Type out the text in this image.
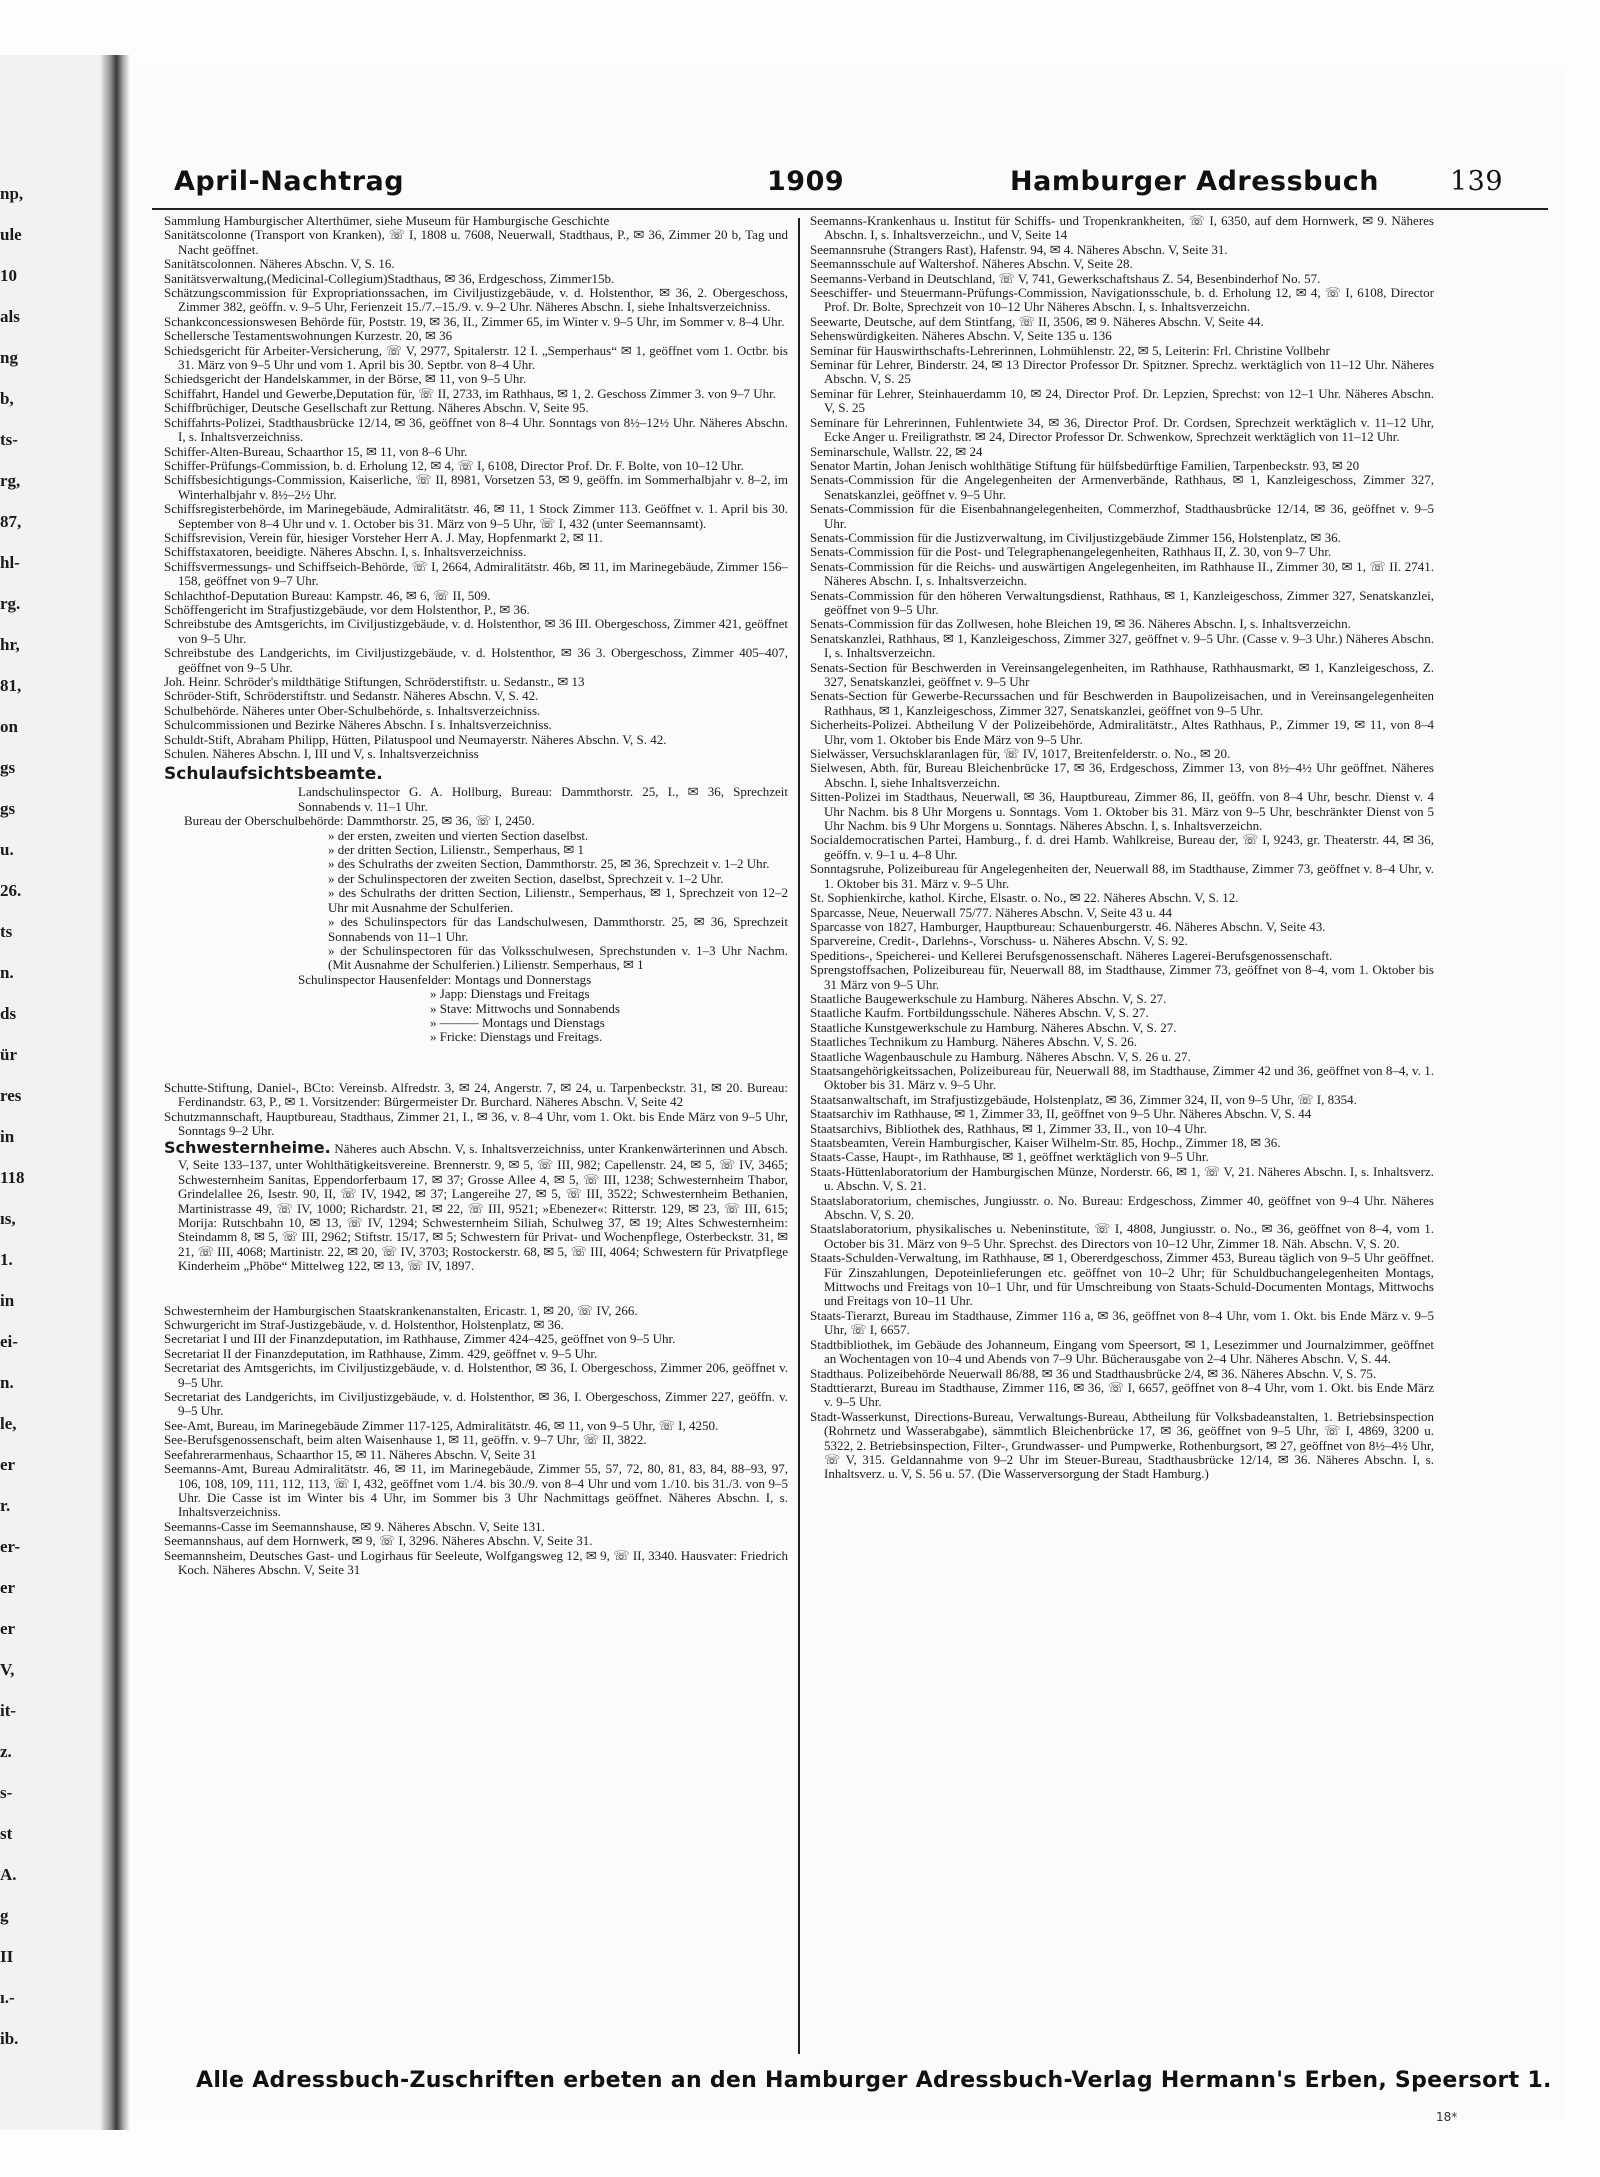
np,
ule
10
als
ng
b,
ts-
rg,
87,
hl-
rg.
hr,
81,
on
gs
gs
u.
26.
ts
n.
ds
ür
res
in
118
ıs,
1.
in
ei-
n.
le,
er
r.
er-
er
er
V,
it-
z.
s-
st
A.
g
II
ı.-
ib.
April-Nachtrag	1909	Hamburger Adressbuch	139

Sammlung Hamburgischer Alterthümer, siehe Museum für Hamburgische Geschichte

Sanitätscolonne (Transport von Kranken), ☏ I, 1808 u. 7608, Neuerwall, Stadthaus, P., ✉ 36, Zimmer 20 b, Tag und Nacht geöffnet.

Sanitätscolonnen. Näheres Abschn. V, S. 16.

Sanitätsverwaltung,(Medicinal-Collegium)Stadthaus, ✉ 36, Erdgeschoss, Zimmer15b.

Schätzungscommission für Expropriationssachen, im Civiljustizgebäude, v. d. Holstenthor, ✉ 36, 2. Obergeschoss, Zimmer 382, geöffn. v. 9–5 Uhr, Ferienzeit 15./7.–15./9. v. 9–2 Uhr. Näheres Abschn. I, siehe Inhaltsverzeichniss.

Schankconcessionswesen Behörde für, Poststr. 19, ✉ 36, II., Zimmer 65, im Winter v. 9–5 Uhr, im Sommer v. 8–4 Uhr.

Schellersche Testamentswohnungen Kurzestr. 20, ✉ 36

Schiedsgericht für Arbeiter-Versicherung, ☏ V, 2977, Spitalerstr. 12 I. „Semperhaus“ ✉ 1, geöffnet vom 1. Octbr. bis 31. März von 9–5 Uhr und vom 1. April bis 30. Septbr. von 8–4 Uhr.

Schiedsgericht der Handelskammer, in der Börse, ✉ 11, von 9–5 Uhr.

Schiffahrt, Handel und Gewerbe,Deputation für, ☏ II, 2733, im Rathhaus, ✉ 1, 2. Geschoss Zimmer 3. von 9–7 Uhr.

Schiffbrüchiger, Deutsche Gesellschaft zur Rettung. Näheres Abschn. V, Seite 95.

Schiffahrts-Polizei, Stadthausbrücke 12/14, ✉ 36, geöffnet von 8–4 Uhr. Sonntags von 8½–12½ Uhr. Näheres Abschn. I, s. Inhaltsverzeichniss.

Schiffer-Alten-Bureau, Schaarthor 15, ✉ 11, von 8–6 Uhr.

Schiffer-Prüfungs-Commission, b. d. Erholung 12, ✉ 4, ☏ I, 6108, Director Prof. Dr. F. Bolte, von 10–12 Uhr.

Schiffsbesichtigungs-Commission, Kaiserliche, ☏ II, 8981, Vorsetzen 53, ✉ 9, geöffn. im Sommerhalbjahr v. 8–2, im Winterhalbjahr v. 8½–2½ Uhr.

Schiffsregisterbehörde, im Marinegebäude, Admiralitätstr. 46, ✉ 11, 1 Stock Zimmer 113. Geöffnet v. 1. April bis 30. September von 8–4 Uhr und v. 1. October bis 31. März von 9–5 Uhr, ☏ I, 432 (unter Seemannsamt).

Schiffsrevision, Verein für, hiesiger Vorsteher Herr A. J. May, Hopfenmarkt 2, ✉ 11.

Schiffstaxatoren, beeidigte. Näheres Abschn. I, s. Inhaltsverzeichniss.

Schiffsvermessungs- und Schiffseich-Behörde, ☏ I, 2664, Admiralitätstr. 46b, ✉ 11, im Marinegebäude, Zimmer 156–158, geöffnet von 9–7 Uhr.

Schlachthof-Deputation Bureau: Kampstr. 46, ✉ 6, ☏ II, 509.

Schöffengericht im Strafjustizgebäude, vor dem Holstenthor, P., ✉ 36.

Schreibstube des Amtsgerichts, im Civiljustizgebäude, v. d. Holstenthor, ✉ 36 III. Obergeschoss, Zimmer 421, geöffnet von 9–5 Uhr.

Schreibstube des Landgerichts, im Civiljustizgebäude, v. d. Holstenthor, ✉ 36 3. Obergeschoss, Zimmer 405–407, geöffnet von 9–5 Uhr.

Joh. Heinr. Schröder's mildthätige Stiftungen, Schröderstiftstr. u. Sedanstr., ✉ 13

Schröder-Stift, Schröderstiftstr. und Sedanstr. Näheres Abschn. V, S. 42.

Schulbehörde. Näheres unter Ober-Schulbehörde, s. Inhaltsverzeichniss.

Schulcommissionen und Bezirke Näheres Abschn. I s. Inhaltsverzeichniss.

Schuldt-Stift, Abraham Philipp, Hütten, Pilatuspool und Neumayerstr. Näheres Abschn. V, S. 42.

Schulen. Näheres Abschn. I, III und V, s. Inhaltsverzeichniss

Schulaufsichtsbeamte.

Landschulinspector G. A. Hollburg, Bureau: Dammthorstr. 25, I., ✉ 36, Sprechzeit Sonnabends v. 11–1 Uhr.

Bureau der Oberschulbehörde: Dammthorstr. 25, ✉ 36, ☏ I, 2450.

» der ersten, zweiten und vierten Section daselbst.

» der dritten Section, Lilienstr., Semperhaus, ✉ 1

» des Schulraths der zweiten Section, Dammthorstr. 25, ✉ 36, Sprechzeit v. 1–2 Uhr.

» der Schulinspectoren der zweiten Section, daselbst, Sprechzeit v. 1–2 Uhr.

» des Schulraths der dritten Section, Lilienstr., Semperhaus, ✉ 1, Sprechzeit von 12–2 Uhr mit Ausnahme der Schulferien.

» des Schulinspectors für das Landschulwesen, Dammthorstr. 25, ✉ 36, Sprechzeit Sonnabends von 11–1 Uhr.

» der Schulinspectoren für das Volksschulwesen, Sprechstunden v. 1–3 Uhr Nachm. (Mit Ausnahme der Schulferien.) Lilienstr. Semperhaus, ✉ 1

Schulinspector Hausenfelder: Montags und Donnerstags

» Japp: Dienstags und Freitags

» Stave: Mittwochs und Sonnabends

» ——— Montags und Dienstags

» Fricke: Dienstags und Freitags.

Schutte-Stiftung, Daniel-, BCto: Vereinsb. Alfredstr. 3, ✉ 24, Angerstr. 7, ✉ 24, u. Tarpenbeckstr. 31, ✉ 20. Bureau: Ferdinandstr. 63, P., ✉ 1. Vorsitzender: Bürgermeister Dr. Burchard. Näheres Abschn. V, Seite 42

Schutzmannschaft, Hauptbureau, Stadthaus, Zimmer 21, I., ✉ 36, v. 8–4 Uhr, vom 1. Okt. bis Ende März von 9–5 Uhr, Sonntags 9–2 Uhr.

Schwesternheime. Näheres auch Abschn. V, s. Inhaltsverzeichniss, unter Krankenwärterinnen und Absch. V, Seite 133–137, unter Wohlthätigkeitsvereine. Brennerstr. 9, ✉ 5, ☏ III, 982; Capellenstr. 24, ✉ 5, ☏ IV, 3465; Schwesternheim Sanitas, Eppendorferbaum 17, ✉ 37; Grosse Allee 4, ✉ 5, ☏ III, 1238; Schwesternheim Thabor, Grindelallee 26, Isestr. 90, II, ☏ IV, 1942, ✉ 37; Langereihe 27, ✉ 5, ☏ III, 3522; Schwesternheim Bethanien, Martinistrasse 49, ☏ IV, 1000; Richardstr. 21, ✉ 22, ☏ III, 9521; »Ebenezer«: Ritterstr. 129, ✉ 23, ☏ III, 615; Morija: Rutschbahn 10, ✉ 13, ☏ IV, 1294; Schwesternheim Siliah, Schulweg 37, ✉ 19; Altes Schwesternheim: Steindamm 8, ✉ 5, ☏ III, 2962; Stiftstr. 15/17, ✉ 5; Schwestern für Privat- und Wochenpflege, Osterbeckstr. 31, ✉ 21, ☏ III, 4068; Martinistr. 22, ✉ 20, ☏ IV, 3703; Rostockerstr. 68, ✉ 5, ☏ III, 4064; Schwestern für Privatpflege Kinderheim „Phöbe“ Mittelweg 122, ✉ 13, ☏ IV, 1897.

Schwesternheim der Hamburgischen Staatskrankenanstalten, Ericastr. 1, ✉ 20, ☏ IV, 266.

Schwurgericht im Straf-Justizgebäude, v. d. Holstenthor, Holstenplatz, ✉ 36.

Secretariat I und III der Finanzdeputation, im Rathhause, Zimmer 424–425, geöffnet von 9–5 Uhr.

Secretariat II der Finanzdeputation, im Rathhause, Zimm. 429, geöffnet v. 9–5 Uhr.

Secretariat des Amtsgerichts, im Civiljustizgebäude, v. d. Holstenthor, ✉ 36, I. Obergeschoss, Zimmer 206, geöffnet v. 9–5 Uhr.

Secretariat des Landgerichts, im Civiljustizgebäude, v. d. Holstenthor, ✉ 36, I. Obergeschoss, Zimmer 227, geöffn. v. 9–5 Uhr.

See-Amt, Bureau, im Marinegebäude Zimmer 117-125, Admiralitätstr. 46, ✉ 11, von 9–5 Uhr, ☏ I, 4250.

See-Berufsgenossenschaft, beim alten Waisenhause 1, ✉ 11, geöffn. v. 9–7 Uhr, ☏ II, 3822.

Seefahrerarmenhaus, Schaarthor 15, ✉ 11. Näheres Abschn. V, Seite 31

Seemanns-Amt, Bureau Admiralitätstr. 46, ✉ 11, im Marinegebäude, Zimmer 55, 57, 72, 80, 81, 83, 84, 88–93, 97, 106, 108, 109, 111, 112, 113, ☏ I, 432, geöffnet vom 1./4. bis 30./9. von 8–4 Uhr und vom 1./10. bis 31./3. von 9–5 Uhr. Die Casse ist im Winter bis 4 Uhr, im Sommer bis 3 Uhr Nachmittags geöffnet. Näheres Abschn. I, s. Inhaltsverzeichniss.

Seemanns-Casse im Seemannshause, ✉ 9. Näheres Abschn. V, Seite 131.

Seemannshaus, auf dem Hornwerk, ✉ 9, ☏ I, 3296. Näheres Abschn. V, Seite 31.

Seemannsheim, Deutsches Gast- und Logirhaus für Seeleute, Wolfgangsweg 12, ✉ 9, ☏ II, 3340. Hausvater: Friedrich Koch. Näheres Abschn. V, Seite 31

Seemanns-Krankenhaus u. Institut für Schiffs- und Tropenkrankheiten, ☏ I, 6350, auf dem Hornwerk, ✉ 9. Näheres Abschn. I, s. Inhaltsverzeichn., und V, Seite 14

Seemannsruhe (Strangers Rast), Hafenstr. 94, ✉ 4. Näheres Abschn. V, Seite 31.

Seemannsschule auf Waltershof. Näheres Abschn. V, Seite 28.

Seemanns-Verband in Deutschland, ☏ V, 741, Gewerkschaftshaus Z. 54, Besenbinderhof No. 57.

Seeschiffer- und Steuermann-Prüfungs-Commission, Navigationsschule, b. d. Erholung 12, ✉ 4, ☏ I, 6108, Director Prof. Dr. Bolte, Sprechzeit von 10–12 Uhr Näheres Abschn. I, s. Inhaltsverzeichn.

Seewarte, Deutsche, auf dem Stintfang, ☏ II, 3506, ✉ 9. Näheres Abschn. V, Seite 44.

Sehenswürdigkeiten. Näheres Abschn. V, Seite 135 u. 136

Seminar für Hauswirthschafts-Lehrerinnen, Lohmühlenstr. 22, ✉ 5, Leiterin: Frl. Christine Vollbehr

Seminar für Lehrer, Binderstr. 24, ✉ 13 Director Professor Dr. Spitzner. Sprechz. werktäglich von 11–12 Uhr. Näheres Abschn. V, S. 25

Seminar für Lehrer, Steinhauerdamm 10, ✉ 24, Director Prof. Dr. Lepzien, Sprechst: von 12–1 Uhr. Näheres Abschn. V, S. 25

Seminare für Lehrerinnen, Fuhlentwiete 34, ✉ 36, Director Prof. Dr. Cordsen, Sprechzeit werktäglich v. 11–12 Uhr, Ecke Anger u. Freiligrathstr. ✉ 24, Director Professor Dr. Schwenkow, Sprechzeit werktäglich von 11–12 Uhr.

Seminarschule, Wallstr. 22, ✉ 24

Senator Martin, Johan Jenisch wohlthätige Stiftung für hülfsbedürftige Familien, Tarpenbeckstr. 93, ✉ 20

Senats-Commission für die Angelegenheiten der Armenverbände, Rathhaus, ✉ 1, Kanzleigeschoss, Zimmer 327, Senatskanzlei, geöffnet v. 9–5 Uhr.

Senats-Commission für die Eisenbahnangelegenheiten, Commerzhof, Stadthausbrücke 12/14, ✉ 36, geöffnet v. 9–5 Uhr.

Senats-Commission für die Justizverwaltung, im Civiljustizgebäude Zimmer 156, Holstenplatz, ✉ 36.

Senats-Commission für die Post- und Telegraphenangelegenheiten, Rathhaus II, Z. 30, von 9–7 Uhr.

Senats-Commission für die Reichs- und auswärtigen Angelegenheiten, im Rathhause II., Zimmer 30, ✉ 1, ☏ II. 2741. Näheres Abschn. I, s. Inhaltsverzeichn.

Senats-Commission für den höheren Verwaltungsdienst, Rathhaus, ✉ 1, Kanzleigeschoss, Zimmer 327, Senatskanzlei, geöffnet von 9–5 Uhr.

Senats-Commission für das Zollwesen, hohe Bleichen 19, ✉ 36. Näheres Abschn. I, s. Inhaltsverzeichn.

Senatskanzlei, Rathhaus, ✉ 1, Kanzleigeschoss, Zimmer 327, geöffnet v. 9–5 Uhr. (Casse v. 9–3 Uhr.) Näheres Abschn. I, s. Inhaltsverzeichn.

Senats-Section für Beschwerden in Vereinsangelegenheiten, im Rathhause, Rathhausmarkt, ✉ 1, Kanzleigeschoss, Z. 327, Senatskanzlei, geöffnet v. 9–5 Uhr

Senats-Section für Gewerbe-Recurssachen und für Beschwerden in Baupolizeisachen, und in Vereinsangelegenheiten Rathhaus, ✉ 1, Kanzleigeschoss, Zimmer 327, Senatskanzlei, geöffnet von 9–5 Uhr.

Sicherheits-Polizei. Abtheilung V der Polizeibehörde, Admiralitätstr., Altes Rathhaus, P., Zimmer 19, ✉ 11, von 8–4 Uhr, vom 1. Oktober bis Ende März von 9–5 Uhr.

Sielwässer, Versuchsklaranlagen für, ☏ IV, 1017, Breitenfelderstr. o. No., ✉ 20.

Sielwesen, Abth. für, Bureau Bleichenbrücke 17, ✉ 36, Erdgeschoss, Zimmer 13, von 8½–4½ Uhr geöffnet. Näheres Abschn. I, siehe Inhaltsverzeichn.

Sitten-Polizei im Stadthaus, Neuerwall, ✉ 36, Hauptbureau, Zimmer 86, II, geöffn. von 8–4 Uhr, beschr. Dienst v. 4 Uhr Nachm. bis 8 Uhr Morgens u. Sonntags. Vom 1. Oktober bis 31. März von 9–5 Uhr, beschränkter Dienst von 5 Uhr Nachm. bis 9 Uhr Morgens u. Sonntags. Näheres Abschn. I, s. Inhaltsverzeichn.

Socialdemocratischen Partei, Hamburg., f. d. drei Hamb. Wahlkreise, Bureau der, ☏ I, 9243, gr. Theaterstr. 44, ✉ 36, geöffn. v. 9–1 u. 4–8 Uhr.

Sonntagsruhe, Polizeibureau für Angelegenheiten der, Neuerwall 88, im Stadthause, Zimmer 73, geöffnet v. 8–4 Uhr, v. 1. Oktober bis 31. März v. 9–5 Uhr.

St. Sophienkirche, kathol. Kirche, Elsastr. o. No., ✉ 22. Näheres Abschn. V, S. 12.

Sparcasse, Neue, Neuerwall 75/77. Näheres Abschn. V, Seite 43 u. 44

Sparcasse von 1827, Hamburger, Hauptbureau: Schauenburgerstr. 46. Näheres Abschn. V, Seite 43.

Sparvereine, Credit-, Darlehns-, Vorschuss- u. Näheres Abschn. V, S. 92.

Speditions-, Speicherei- und Kellerei Berufsgenossenschaft. Näheres Lagerei-Berufsgenossenschaft.

Sprengstoffsachen, Polizeibureau für, Neuerwall 88, im Stadthause, Zimmer 73, geöffnet von 8–4, vom 1. Oktober bis 31 März von 9–5 Uhr.

Staatliche Baugewerkschule zu Hamburg. Näheres Abschn. V, S. 27.

Staatliche Kaufm. Fortbildungsschule. Näheres Abschn. V, S. 27.

Staatliche Kunstgewerkschule zu Hamburg. Näheres Abschn. V, S. 27.

Staatliches Technikum zu Hamburg. Näheres Abschn. V, S. 26.

Staatliche Wagenbauschule zu Hamburg. Näheres Abschn. V, S. 26 u. 27.

Staatsangehörigkeitssachen, Polizeibureau für, Neuerwall 88, im Stadthause, Zimmer 42 und 36, geöffnet von 8–4, v. 1. Oktober bis 31. März v. 9–5 Uhr.

Staatsanwaltschaft, im Strafjustizgebäude, Holstenplatz, ✉ 36, Zimmer 324, II, von 9–5 Uhr, ☏ I, 8354.

Staatsarchiv im Rathhause, ✉ 1, Zimmer 33, II, geöffnet von 9–5 Uhr. Näheres Abschn. V, S. 44

Staatsarchivs, Bibliothek des, Rathhaus, ✉ 1, Zimmer 33, II., von 10–4 Uhr.

Staatsbeamten, Verein Hamburgischer, Kaiser Wilhelm-Str. 85, Hochp., Zimmer 18, ✉ 36.

Staats-Casse, Haupt-, im Rathhause, ✉ 1, geöffnet werktäglich von 9–5 Uhr.

Staats-Hüttenlaboratorium der Hamburgischen Münze, Norderstr. 66, ✉ 1, ☏ V, 21. Näheres Abschn. I, s. Inhaltsverz. u. Abschn. V, S. 21.

Staatslaboratorium, chemisches, Jungiusstr. o. No. Bureau: Erdgeschoss, Zimmer 40, geöffnet von 9–4 Uhr. Näheres Abschn. V, S. 20.

Staatslaboratorium, physikalisches u. Nebeninstitute, ☏ I, 4808, Jungiusstr. o. No., ✉ 36, geöffnet von 8–4, vom 1. October bis 31. März von 9–5 Uhr. Sprechst. des Directors von 10–12 Uhr, Zimmer 18. Näh. Abschn. V, S. 20.

Staats-Schulden-Verwaltung, im Rathhause, ✉ 1, Obererdgeschoss, Zimmer 453, Bureau täglich von 9–5 Uhr geöffnet. Für Zinszahlungen, Depoteinlieferungen etc. geöffnet von 10–2 Uhr; für Schuldbuchangelegenheiten Montags, Mittwochs und Freitags von 10–1 Uhr, und für Umschreibung von Staats-Schuld-Documenten Montags, Mittwochs und Freitags von 10–11 Uhr.

Staats-Tierarzt, Bureau im Stadthause, Zimmer 116 a, ✉ 36, geöffnet von 8–4 Uhr, vom 1. Okt. bis Ende März v. 9–5 Uhr, ☏ I, 6657.

Stadtbibliothek, im Gebäude des Johanneum, Eingang vom Speersort, ✉ 1, Lesezimmer und Journalzimmer, geöffnet an Wochentagen von 10–4 und Abends von 7–9 Uhr. Bücherausgabe von 2–4 Uhr. Näheres Abschn. V, S. 44.

Stadthaus. Polizeibehörde Neuerwall 86/88, ✉ 36 und Stadthausbrücke 2/4, ✉ 36. Näheres Abschn. V, S. 75.

Stadttierarzt, Bureau im Stadthause, Zimmer 116, ✉ 36, ☏ I, 6657, geöffnet von 8–4 Uhr, vom 1. Okt. bis Ende März v. 9–5 Uhr.

Stadt-Wasserkunst, Directions-Bureau, Verwaltungs-Bureau, Abtheilung für Volksbadeanstalten, 1. Betriebsinspection (Rohrnetz und Wasserabgabe), sämmtlich Bleichenbrücke 17, ✉ 36, geöffnet von 9–5 Uhr, ☏ I, 4869, 3200 u. 5322, 2. Betriebsinspection, Filter-, Grundwasser- und Pumpwerke, Rothenburgsort, ✉ 27, geöffnet von 8½–4½ Uhr, ☏ V, 315. Geldannahme von 9–2 Uhr im Steuer-Bureau, Stadthausbrücke 12/14, ✉ 36. Näheres Abschn. I, s. Inhaltsverz. u. V, S. 56 u. 57. (Die Wasserversorgung der Stadt Hamburg.)

Alle Adressbuch-Zuschriften erbeten an den Hamburger Adressbuch-Verlag Hermann's Erben, Speersort 1.
18*
